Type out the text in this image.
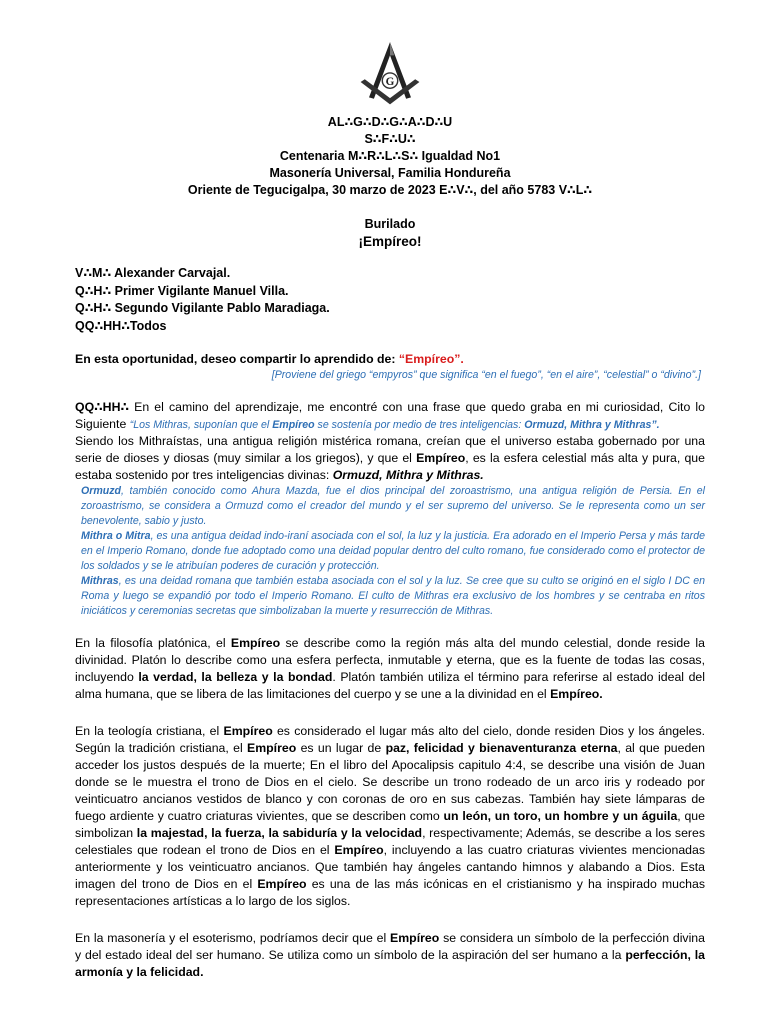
G
AL∴G∴D∴G∴A∴D∴U
S∴F∴U∴
Centenaria M∴R∴L∴S∴ Igualdad No1
Masonería Universal, Familia Hondureña
Oriente de Tegucigalpa, 30 marzo de 2023 E∴V∴, del año 5783 V∴L∴
Burilado
¡Empíreo!
V∴M∴ Alexander Carvajal.
Q∴H∴ Primer Vigilante Manuel Villa.
Q∴H∴ Segundo Vigilante Pablo Maradiaga.
QQ∴HH∴Todos
En esta oportunidad, deseo compartir lo aprendido de: “Empíreo”.
[Proviene del griego “empyros” que significa “en el fuego”, “en el aire”, “celestial” o “divino”.]
QQ∴HH∴ En el camino del aprendizaje, me encontré con una frase que quedo graba en mi curiosidad, Cito lo Siguiente “Los Mithras, suponían que el Empíreo se sostenía por medio de tres inteligencias: Ormuzd, Mithra y Mithras”.
Siendo los Mithraístas, una antigua religión mistérica romana, creían que el universo estaba gobernado por una serie de dioses y diosas (muy similar a los griegos), y que el Empíreo, es la esfera celestial más alta y pura, que estaba sostenido por tres inteligencias divinas: Ormuzd, Mithra y Mithras.
Ormuzd, también conocido como Ahura Mazda, fue el dios principal del zoroastrismo, una antigua religión de Persia. En el zoroastrismo, se considera a Ormuzd como el creador del mundo y el ser supremo del universo. Se le representa como un ser benevolente, sabio y justo.
Mithra o Mitra, es una antigua deidad indo-iraní asociada con el sol, la luz y la justicia. Era adorado en el Imperio Persa y más tarde en el Imperio Romano, donde fue adoptado como una deidad popular dentro del culto romano, fue considerado como el protector de los soldados y se le atribuían poderes de curación y protección.
Mithras, es una deidad romana que también estaba asociada con el sol y la luz. Se cree que su culto se originó en el siglo I DC en Roma y luego se expandió por todo el Imperio Romano. El culto de Mithras era exclusivo de los hombres y se centraba en ritos iniciáticos y ceremonias secretas que simbolizaban la muerte y resurrección de Mithras.
En la filosofía platónica, el Empíreo se describe como la región más alta del mundo celestial, donde reside la divinidad. Platón lo describe como una esfera perfecta, inmutable y eterna, que es la fuente de todas las cosas, incluyendo la verdad, la belleza y la bondad. Platón también utiliza el término para referirse al estado ideal del alma humana, que se libera de las limitaciones del cuerpo y se une a la divinidad en el Empíreo.
En la teología cristiana, el Empíreo es considerado el lugar más alto del cielo, donde residen Dios y los ángeles. Según la tradición cristiana, el Empíreo es un lugar de paz, felicidad y bienaventuranza eterna, al que pueden acceder los justos después de la muerte; En el libro del Apocalipsis capitulo 4:4, se describe una visión de Juan donde se le muestra el trono de Dios en el cielo. Se describe un trono rodeado de un arco iris y rodeado por veinticuatro ancianos vestidos de blanco y con coronas de oro en sus cabezas. También hay siete lámparas de fuego ardiente y cuatro criaturas vivientes, que se describen como un león, un toro, un hombre y un águila, que simbolizan la majestad, la fuerza, la sabiduría y la velocidad, respectivamente; Además, se describe a los seres celestiales que rodean el trono de Dios en el Empíreo, incluyendo a las cuatro criaturas vivientes mencionadas anteriormente y los veinticuatro ancianos. Que también hay ángeles cantando himnos y alabando a Dios. Esta imagen del trono de Dios en el Empíreo es una de las más icónicas en el cristianismo y ha inspirado muchas representaciones artísticas a lo largo de los siglos.
En la masonería y el esoterismo, podríamos decir que el Empíreo se considera un símbolo de la perfección divina y del estado ideal del ser humano. Se utiliza como un símbolo de la aspiración del ser humano a la perfección, la armonía y la felicidad.
